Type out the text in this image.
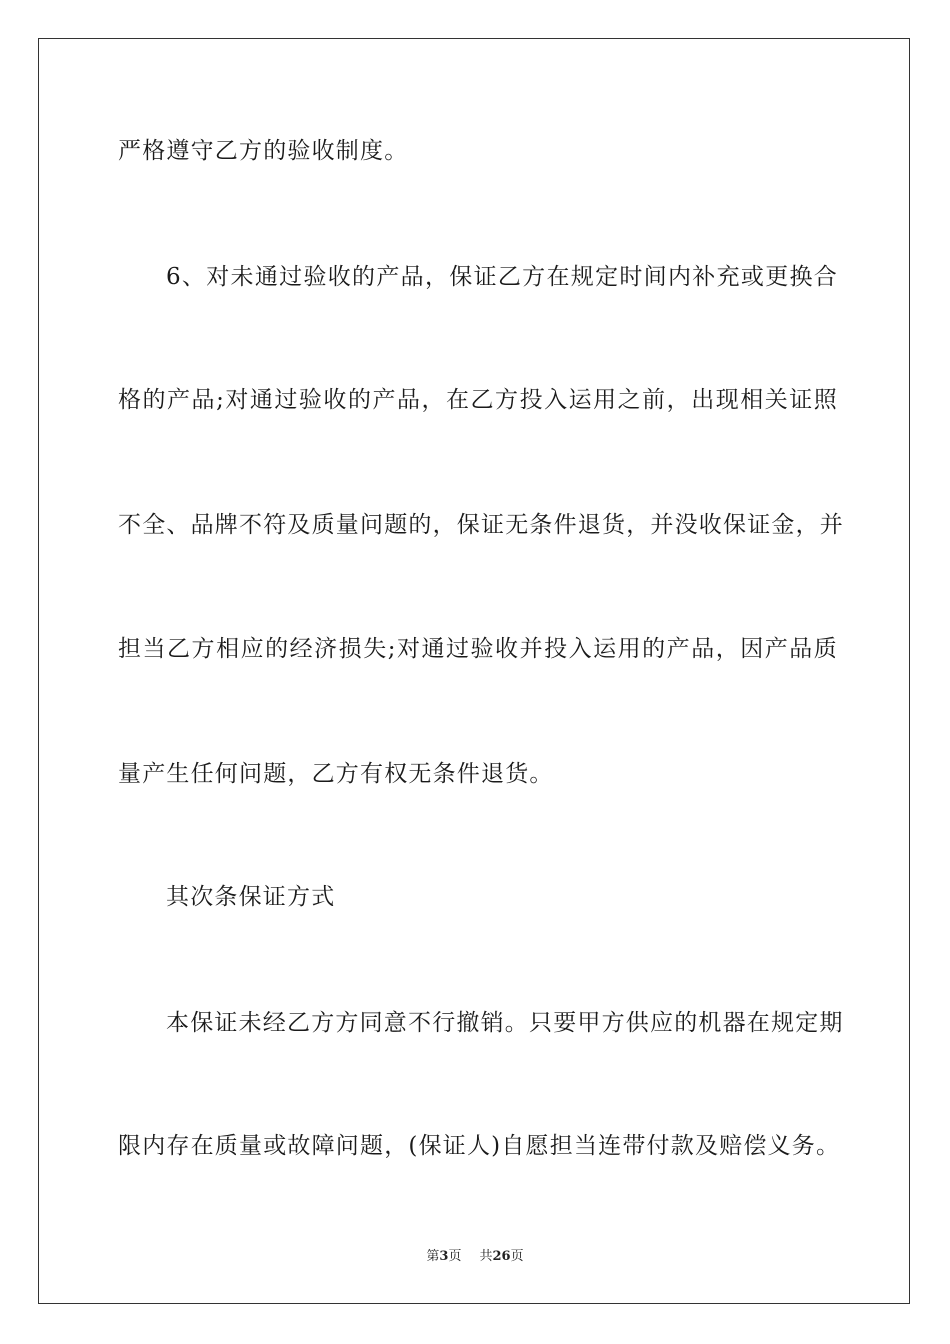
严格遵守乙方的验收制度。
6、对未通过验收的产品，保证乙方在规定时间内补充或更换合
格的产品;对通过验收的产品，在乙方投入运用之前，出现相关证照
不全、品牌不符及质量问题的，保证无条件退货，并没收保证金，并
担当乙方相应的经济损失;对通过验收并投入运用的产品，因产品质
量产生任何问题，乙方有权无条件退货。
其次条保证方式
本保证未经乙方方同意不行撤销。只要甲方供应的机器在规定期
限内存在质量或故障问题，(保证人)自愿担当连带付款及赔偿义务。
第3页 共26页
